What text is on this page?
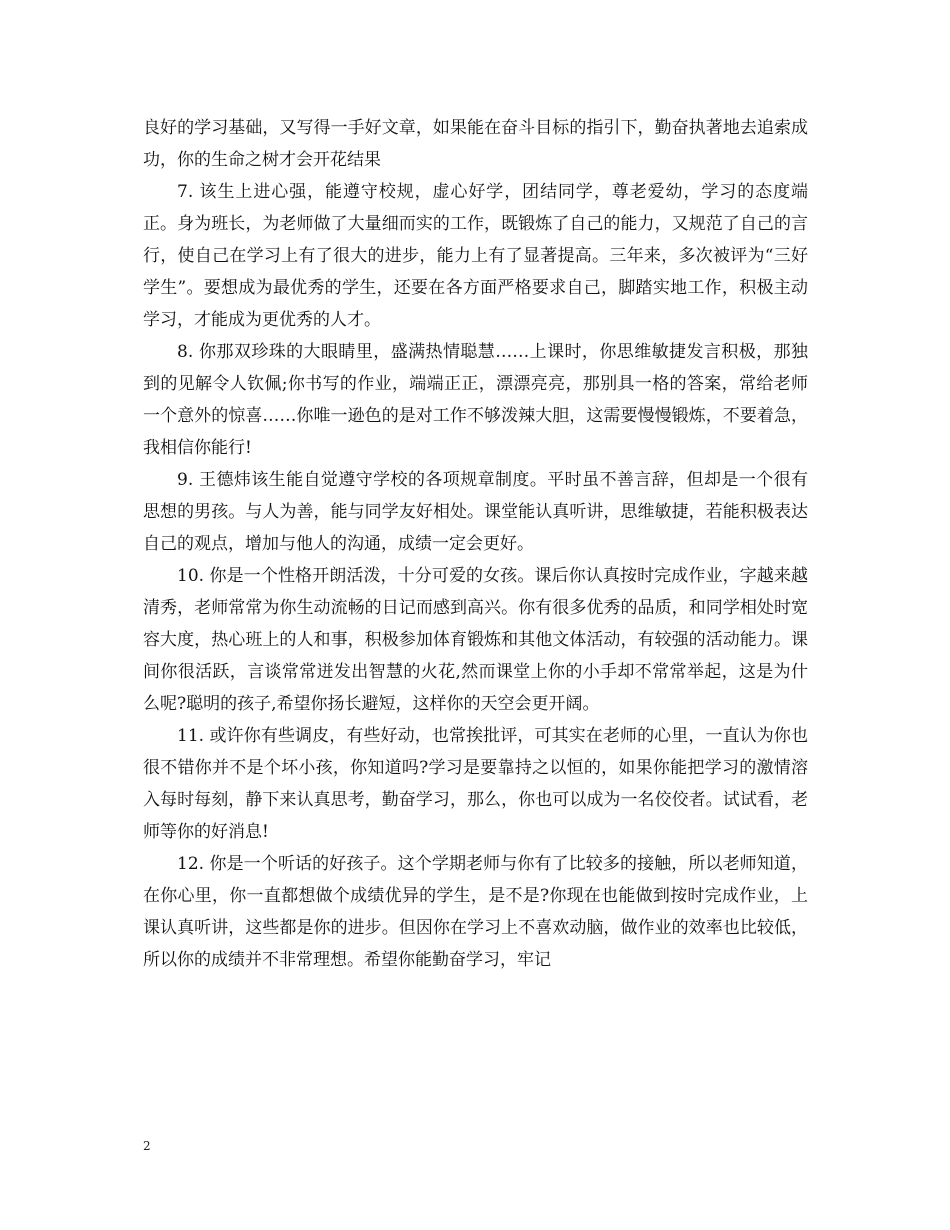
良好的学习基础，又写得一手好文章，如果能在奋斗目标的指引下，勤奋执著地去追索成功，你的生命之树才会开花结果

7. 该生上进心强，能遵守校规，虚心好学，团结同学，尊老爱幼，学习的态度端正。身为班长，为老师做了大量细而实的工作，既锻炼了自己的能力，又规范了自己的言行，使自己在学习上有了很大的进步，能力上有了显著提高。三年来，多次被评为“三好学生”。要想成为最优秀的学生，还要在各方面严格要求自己，脚踏实地工作，积极主动学习，才能成为更优秀的人才。

8. 你那双珍珠的大眼睛里，盛满热情聪慧……上课时，你思维敏捷发言积极，那独到的见解令人钦佩;你书写的作业，端端正正，漂漂亮亮，那别具一格的答案，常给老师一个意外的惊喜……你唯一逊色的是对工作不够泼辣大胆，这需要慢慢锻炼，不要着急，我相信你能行!

9. 王德炜该生能自觉遵守学校的各项规章制度。平时虽不善言辞，但却是一个很有思想的男孩。与人为善，能与同学友好相处。课堂能认真听讲，思维敏捷，若能积极表达自己的观点，增加与他人的沟通，成绩一定会更好。

10. 你是一个性格开朗活泼，十分可爱的女孩。课后你认真按时完成作业，字越来越清秀，老师常常为你生动流畅的日记而感到高兴。你有很多优秀的品质，和同学相处时宽容大度，热心班上的人和事，积极参加体育锻炼和其他文体活动，有较强的活动能力。课间你很活跃，言谈常常迸发出智慧的火花,然而课堂上你的小手却不常常举起，这是为什么呢?聪明的孩子,希望你扬长避短，这样你的天空会更开阔。

11. 或许你有些调皮，有些好动，也常挨批评，可其实在老师的心里，一直认为你也很不错你并不是个坏小孩，你知道吗?学习是要靠持之以恒的，如果你能把学习的激情溶入每时每刻，静下来认真思考，勤奋学习，那么，你也可以成为一名佼佼者。试试看，老师等你的好消息!

12. 你是一个听话的好孩子。这个学期老师与你有了比较多的接触，所以老师知道，在你心里，你一直都想做个成绩优异的学生，是不是?你现在也能做到按时完成作业，上课认真听讲，这些都是你的进步。但因你在学习上不喜欢动脑，做作业的效率也比较低，所以你的成绩并不非常理想。希望你能勤奋学习，牢记

2
